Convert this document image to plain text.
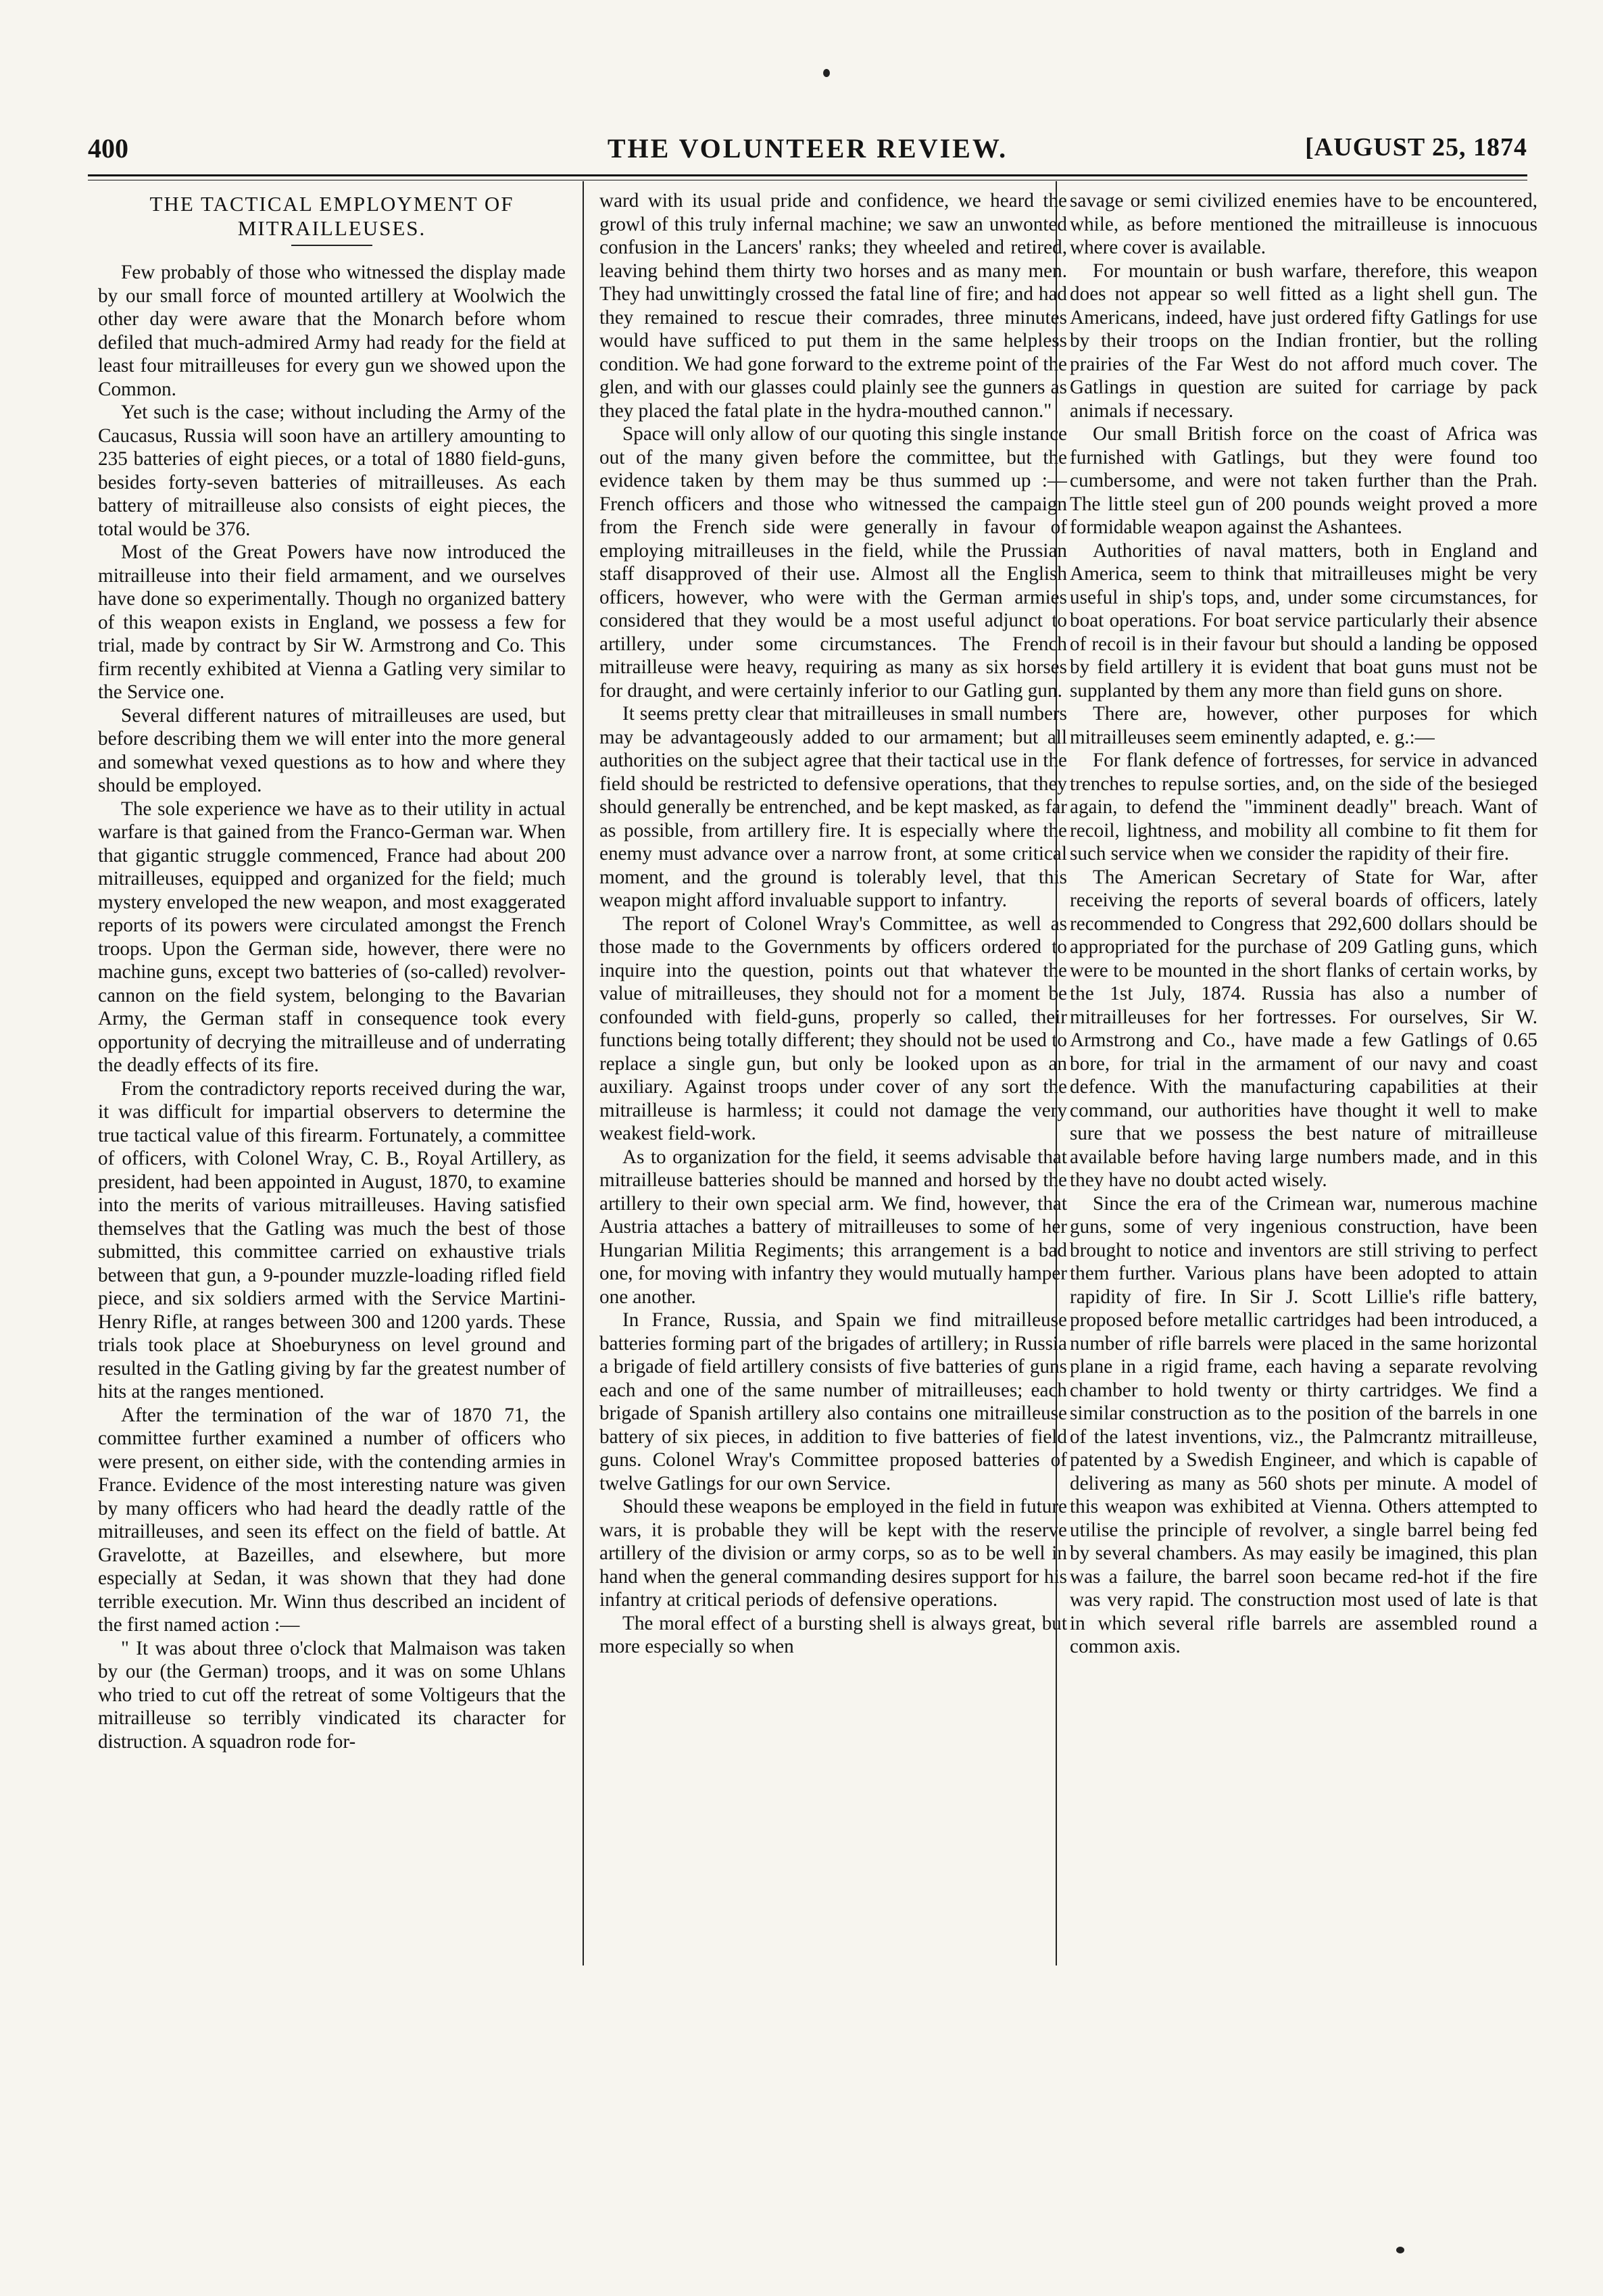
400	THE VOLUNTEER REVIEW.	[AUGUST 25, 1874
THE TACTICAL EMPLOYMENT OF
MITRAILLEUSES.

Few probably of those who witnessed the display made by our small force of mounted artillery at Woolwich the other day were aware that the Monarch before whom defiled that much-admired Army had ready for the field at least four mitrailleuses for every gun we showed upon the Common.

Yet such is the case; without including the Army of the Caucasus, Russia will soon have an artillery amounting to 235 batteries of eight pieces, or a total of 1880 field-guns, besides forty-seven batteries of mitrailleuses. As each battery of mitrailleuse also consists of eight pieces, the total would be 376.

Most of the Great Powers have now introduced the mitrailleuse into their field armament, and we ourselves have done so experimentally. Though no organized battery of this weapon exists in England, we possess a few for trial, made by contract by Sir W. Armstrong and Co. This firm recently exhibited at Vienna a Gatling very similar to the Service one.

Several different natures of mitrailleuses are used, but before describing them we will enter into the more general and somewhat vexed questions as to how and where they should be employed.

The sole experience we have as to their utility in actual warfare is that gained from the Franco-German war. When that gigantic struggle commenced, France had about 200 mitrailleuses, equipped and organized for the field; much mystery enveloped the new weapon, and most exaggerated reports of its powers were circulated amongst the French troops. Upon the German side, however, there were no machine guns, except two batteries of (so-called) revolver-cannon on the field system, belonging to the Bavarian Army, the German staff in consequence took every opportunity of decrying the mitrailleuse and of underrating the deadly effects of its fire.

From the contradictory reports received during the war, it was difficult for impartial observers to determine the true tactical value of this firearm. Fortunately, a committee of officers, with Colonel Wray, C. B., Royal Artillery, as president, had been appointed in August, 1870, to examine into the merits of various mitrailleuses. Having satisfied themselves that the Gatling was much the best of those submitted, this committee carried on exhaustive trials between that gun, a 9-pounder muzzle-loading rifled field piece, and six soldiers armed with the Service Martini-Henry Rifle, at ranges between 300 and 1200 yards. These trials took place at Shoeburyness on level ground and resulted in the Gatling giving by far the greatest number of hits at the ranges mentioned.

After the termination of the war of 1870 71, the committee further examined a number of officers who were present, on either side, with the contending armies in France. Evidence of the most interesting nature was given by many officers who had heard the deadly rattle of the mitrailleuses, and seen its effect on the field of battle. At Gravelotte, at Bazeilles, and elsewhere, but more especially at Sedan, it was shown that they had done terrible execution. Mr. Winn thus described an incident of the first named action :—

" It was about three o'clock that Malmaison was taken by our (the German) troops, and it was on some Uhlans who tried to cut off the retreat of some Voltigeurs that the mitrailleuse so terribly vindicated its character for distruction. A squadron rode for-

ward with its usual pride and confidence, we heard the growl of this truly infernal machine; we saw an unwonted confusion in the Lancers' ranks; they wheeled and retired, leaving behind them thirty two horses and as many men. They had unwittingly crossed the fatal line of fire; and had they remained to rescue their comrades, three minutes would have sufficed to put them in the same helpless condition. We had gone forward to the extreme point of the glen, and with our glasses could plainly see the gunners as they placed the fatal plate in the hydra-mouthed cannon."

Space will only allow of our quoting this single instance out of the many given before the committee, but the evidence taken by them may be thus summed up :—French officers and those who witnessed the campaign from the French side were generally in favour of employing mitrailleuses in the field, while the Prussian staff disapproved of their use. Almost all the English officers, however, who were with the German armies considered that they would be a most useful adjunct to artillery, under some circumstances. The French mitrailleuse were heavy, requiring as many as six horses for draught, and were certainly inferior to our Gatling gun.

It seems pretty clear that mitrailleuses in small numbers may be advantageously added to our armament; but all authorities on the subject agree that their tactical use in the field should be restricted to defensive operations, that they should generally be entrenched, and be kept masked, as far as possible, from artillery fire. It is especially where the enemy must advance over a narrow front, at some critical moment, and the ground is tolerably level, that this weapon might afford invaluable support to infantry.

The report of Colonel Wray's Committee, as well as those made to the Governments by officers ordered to inquire into the question, points out that whatever the value of mitrailleuses, they should not for a moment be confounded with field-guns, properly so called, their functions being totally different; they should not be used to replace a single gun, but only be looked upon as an auxiliary. Against troops under cover of any sort the mitrailleuse is harmless; it could not damage the very weakest field-work.

As to organization for the field, it seems advisable that mitrailleuse batteries should be manned and horsed by the artillery to their own special arm. We find, however, that Austria attaches a battery of mitrailleuses to some of her Hungarian Militia Regiments; this arrangement is a bad one, for moving with infantry they would mutually hamper one another.

In France, Russia, and Spain we find mitrailleuse batteries forming part of the brigades of artillery; in Russia a brigade of field artillery consists of five batteries of guns each and one of the same number of mitrailleuses; each brigade of Spanish artillery also contains one mitrailleuse battery of six pieces, in addition to five batteries of field guns. Colonel Wray's Committee proposed batteries of twelve Gatlings for our own Service.

Should these weapons be employed in the field in future wars, it is probable they will be kept with the reserve artillery of the division or army corps, so as to be well in hand when the general commanding desires support for his infantry at critical periods of defensive operations.

The moral effect of a bursting shell is always great, but more especially so when

savage or semi civilized enemies have to be encountered, while, as before mentioned the mitrailleuse is innocuous where cover is available.

For mountain or bush warfare, therefore, this weapon does not appear so well fitted as a light shell gun. The Americans, indeed, have just ordered fifty Gatlings for use by their troops on the Indian frontier, but the rolling prairies of the Far West do not afford much cover. The Gatlings in question are suited for carriage by pack animals if necessary.

Our small British force on the coast of Africa was furnished with Gatlings, but they were found too cumbersome, and were not taken further than the Prah. The little steel gun of 200 pounds weight proved a more formidable weapon against the Ashantees.

Authorities of naval matters, both in England and America, seem to think that mitrailleuses might be very useful in ship's tops, and, under some circumstances, for boat operations. For boat service particularly their absence of recoil is in their favour but should a landing be opposed by field artillery it is evident that boat guns must not be supplanted by them any more than field guns on shore.

There are, however, other purposes for which mitrailleuses seem eminently adapted, e. g.:—

For flank defence of fortresses, for service in advanced trenches to repulse sorties, and, on the side of the besieged again, to defend the "imminent deadly" breach. Want of recoil, lightness, and mobility all combine to fit them for such service when we consider the rapidity of their fire.

The American Secretary of State for War, after receiving the reports of several boards of officers, lately recommended to Congress that 292,600 dollars should be appropriated for the purchase of 209 Gatling guns, which were to be mounted in the short flanks of certain works, by the 1st July, 1874. Russia has also a number of mitrailleuses for her fortresses. For ourselves, Sir W. Armstrong and Co., have made a few Gatlings of 0.65 bore, for trial in the armament of our navy and coast defence. With the manufacturing capabilities at their command, our authorities have thought it well to make sure that we possess the best nature of mitrailleuse available before having large numbers made, and in this they have no doubt acted wisely.

Since the era of the Crimean war, numerous machine guns, some of very ingenious construction, have been brought to notice and inventors are still striving to perfect them further. Various plans have been adopted to attain rapidity of fire. In Sir J. Scott Lillie's rifle battery, proposed before metallic cartridges had been introduced, a number of rifle barrels were placed in the same horizontal plane in a rigid frame, each having a separate revolving chamber to hold twenty or thirty cartridges. We find a similar construction as to the position of the barrels in one of the latest inventions, viz., the Palmcrantz mitrailleuse, patented by a Swedish Engineer, and which is capable of delivering as many as 560 shots per minute. A model of this weapon was exhibited at Vienna. Others attempted to utilise the principle of revolver, a single barrel being fed by several chambers. As may easily be imagined, this plan was a failure, the barrel soon became red-hot if the fire was very rapid. The construction most used of late is that in which several rifle barrels are assembled round a common axis.
